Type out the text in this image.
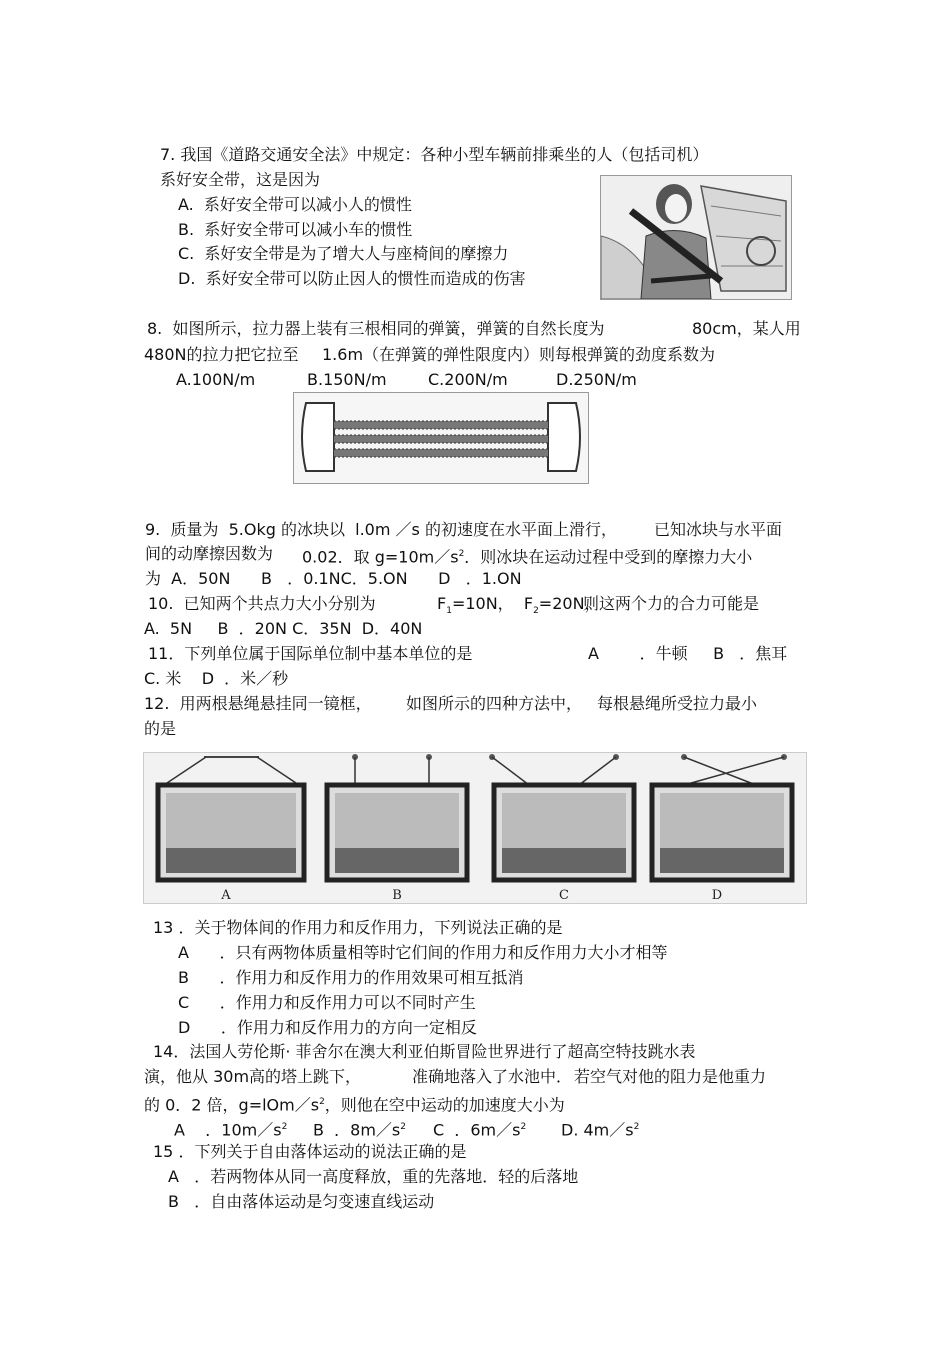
7. 我国《道路交通安全法》中规定：各种小型车辆前排乘坐的人（包括司机）
系好安全带，这是因为
A.  系好安全带可以减小人的惯性
B.  系好安全带可以减小车的惯性
C.  系好安全带是为了增大人与座椅间的摩擦力
D.  系好安全带可以防止因人的惯性而造成的伤害
8.  如图所示，拉力器上装有三根相同的弹簧，弹簧的自然长度为	80cm，某人用
480N的拉力把它拉至 1.6m（在弹簧的弹性限度内）则每根弹簧的劲度系数为
A.100N/m	B.150N/m	C.200N/m	D.250N/m
9.  质量为  5.Okg 的冰块以  l.0m ／s 的初速度在水平面上滑行， 已知冰块与水平面
间的动摩擦因数为 0.02．取 $g=10m/s^2$．则冰块在运动过程中受到的摩擦力大小
为  A．50N      B   ．0.1NC．5.ON      D   ．1.ON
10.  已知两个共点力大小分别为	$F_1=10N$， $F_2=20N$，
则这两个力的合力可能是
A.  5N     B  ．20N C．35N  D．40N
11．下列单位属于国际单位制中基本单位的是	A        ．牛顿     B   ．焦耳
C. 米    D  ．米／秒
12.  用两根悬绳悬挂同一镜框， 如图所示的四种方法中， 每根悬绳所受拉力最小
的是
A	B	C	D
13 ．关于物体间的作用力和反作用力，下列说法正确的是
A      ．只有两物体质量相等时它们间的作用力和反作用力大小才相等
B      ．作用力和反作用力的作用效果可相互抵消
C      ．作用力和反作用力可以不同时产生
D      ．作用力和反作用力的方向一定相反
14．法国人劳伦斯· 菲舍尔在澳大利亚伯斯冒险世界进行了超高空特技跳水表
演，他从 30m高的塔上跳下，	准确地落入了水池中． 若空气对他的阻力是他重力
的 0．2 倍，$g=lOm/s^2$，则他在空中运动的加速度大小为
A    ．$10m/s^2$ B  ．$8m/s^2$ C  ．$6m/s^2$ D. $4m/s^2$
15 ．下列关于自由落体运动的说法正确的是
A   ．若两物体从同一高度释放，重的先落地．轻的后落地
B   ．自由落体运动是匀变速直线运动
